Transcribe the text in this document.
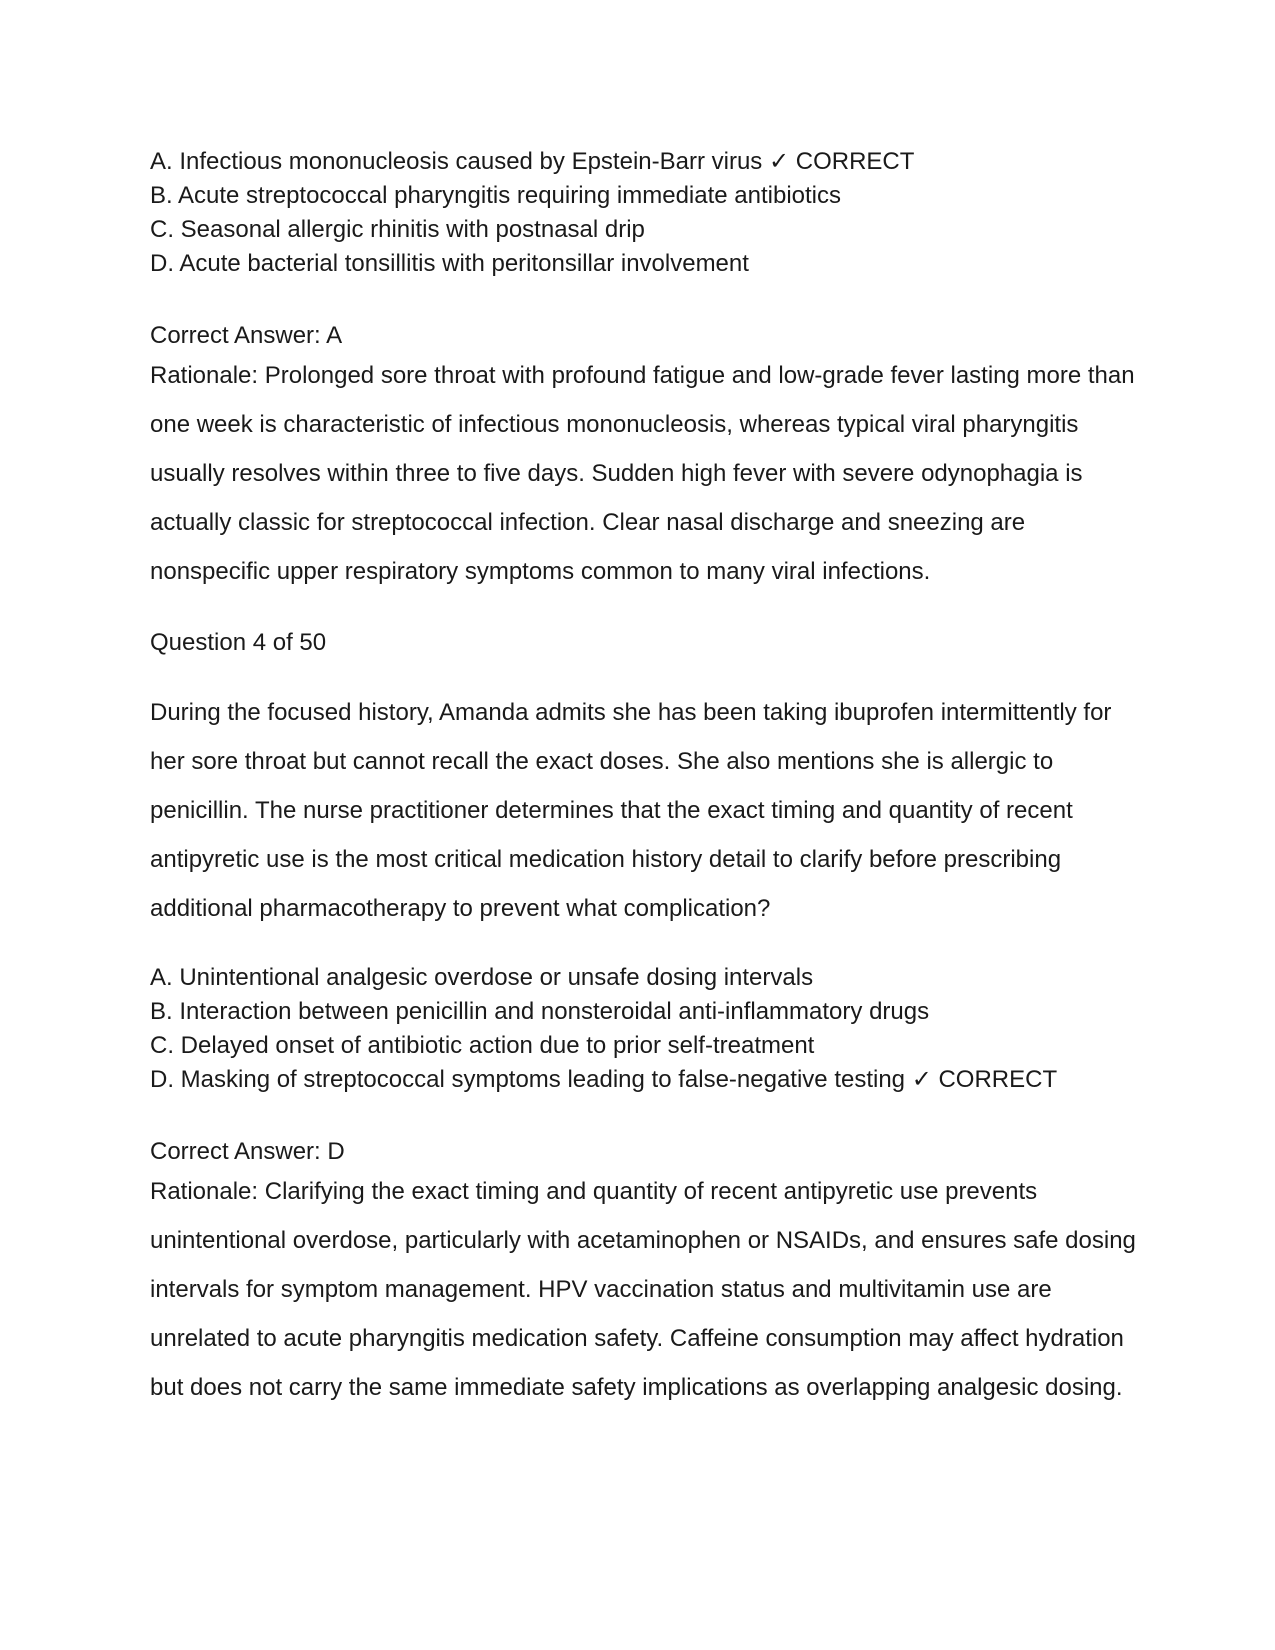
A. Infectious mononucleosis caused by Epstein-Barr virus ✓ CORRECT

B. Acute streptococcal pharyngitis requiring immediate antibiotics

C. Seasonal allergic rhinitis with postnasal drip

D. Acute bacterial tonsillitis with peritonsillar involvement

Correct Answer: A

Rationale: Prolonged sore throat with profound fatigue and low-grade fever lasting more than one week is characteristic of infectious mononucleosis, whereas typical viral pharyngitis usually resolves within three to five days. Sudden high fever with severe odynophagia is actually classic for streptococcal infection. Clear nasal discharge and sneezing are nonspecific upper respiratory symptoms common to many viral infections.

Question 4 of 50

During the focused history, Amanda admits she has been taking ibuprofen intermittently for her sore throat but cannot recall the exact doses. She also mentions she is allergic to penicillin. The nurse practitioner determines that the exact timing and quantity of recent antipyretic use is the most critical medication history detail to clarify before prescribing additional pharmacotherapy to prevent what complication?

A. Unintentional analgesic overdose or unsafe dosing intervals

B. Interaction between penicillin and nonsteroidal anti-inflammatory drugs

C. Delayed onset of antibiotic action due to prior self-treatment

D. Masking of streptococcal symptoms leading to false-negative testing ✓ CORRECT

Correct Answer: D

Rationale: Clarifying the exact timing and quantity of recent antipyretic use prevents unintentional overdose, particularly with acetaminophen or NSAIDs, and ensures safe dosing intervals for symptom management. HPV vaccination status and multivitamin use are unrelated to acute pharyngitis medication safety. Caffeine consumption may affect hydration but does not carry the same immediate safety implications as overlapping analgesic dosing.
